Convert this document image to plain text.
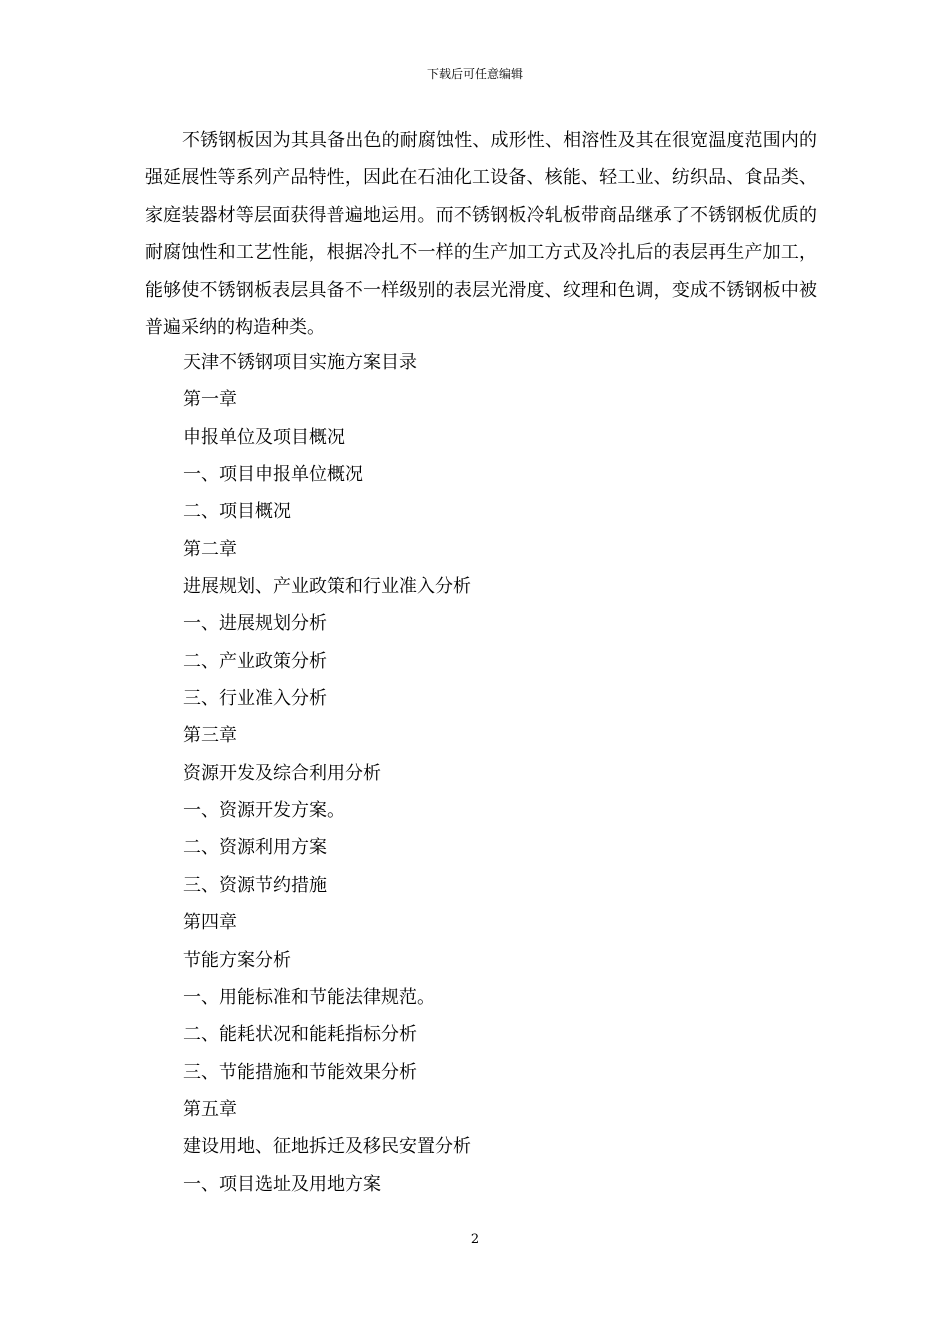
下载后可任意编辑

不锈钢板因为其具备出色的耐腐蚀性、成形性、相溶性及其在很宽温度范围内的强延展性等系列产品特性，因此在石油化工设备、核能、轻工业、纺织品、食品类、家庭装器材等层面获得普遍地运用。而不锈钢板冷轧板带商品继承了不锈钢板优质的耐腐蚀性和工艺性能，根据冷扎不一样的生产加工方式及冷扎后的表层再生产加工，能够使不锈钢板表层具备不一样级别的表层光滑度、纹理和色调，变成不锈钢板中被普遍采纳的构造种类。

天津不锈钢项目实施方案目录
第一章
申报单位及项目概况
一、项目申报单位概况
二、项目概况
第二章
进展规划、产业政策和行业准入分析
一、进展规划分析
二、产业政策分析
三、行业准入分析
第三章
资源开发及综合利用分析
一、资源开发方案。
二、资源利用方案
三、资源节约措施
第四章
节能方案分析
一、用能标准和节能法律规范。
二、能耗状况和能耗指标分析
三、节能措施和节能效果分析
第五章
建设用地、征地拆迁及移民安置分析
一、项目选址及用地方案
2
